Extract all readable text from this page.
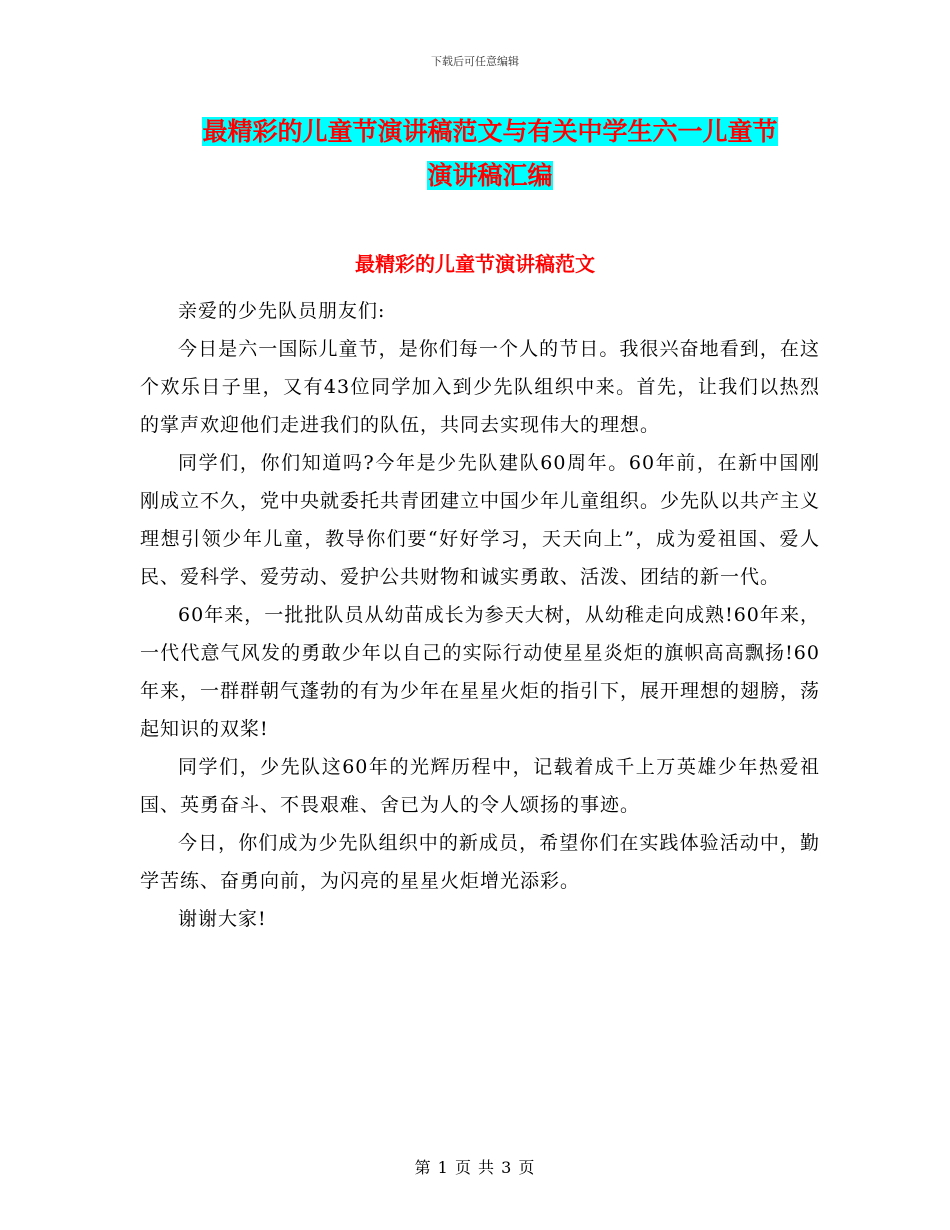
下载后可任意编辑
最精彩的儿童节演讲稿范文与有关中学生六一儿童节
演讲稿汇编
最精彩的儿童节演讲稿范文

亲爱的少先队员朋友们:

今日是六一国际儿童节，是你们每一个人的节日。我很兴奋地看到，在这个欢乐日子里，又有43位同学加入到少先队组织中来。首先，让我们以热烈的掌声欢迎他们走进我们的队伍，共同去实现伟大的理想。

同学们，你们知道吗?今年是少先队建队60周年。60年前，在新中国刚刚成立不久，党中央就委托共青团建立中国少年儿童组织。少先队以共产主义理想引领少年儿童，教导你们要“好好学习，天天向上”，成为爱祖国、爱人民、爱科学、爱劳动、爱护公共财物和诚实勇敢、活泼、团结的新一代。

60年来，一批批队员从幼苗成长为参天大树，从幼稚走向成熟!60年来，一代代意气风发的勇敢少年以自己的实际行动使星星炎炬的旗帜高高飘扬!60年来，一群群朝气蓬勃的有为少年在星星火炬的指引下，展开理想的翅膀，荡起知识的双桨!

同学们，少先队这60年的光辉历程中，记载着成千上万英雄少年热爱祖国、英勇奋斗、不畏艰难、舍已为人的令人颂扬的事迹。

今日，你们成为少先队组织中的新成员，希望你们在实践体验活动中，勤学苦练、奋勇向前，为闪亮的星星火炬增光添彩。

谢谢大家!

第 1 页 共 3 页
